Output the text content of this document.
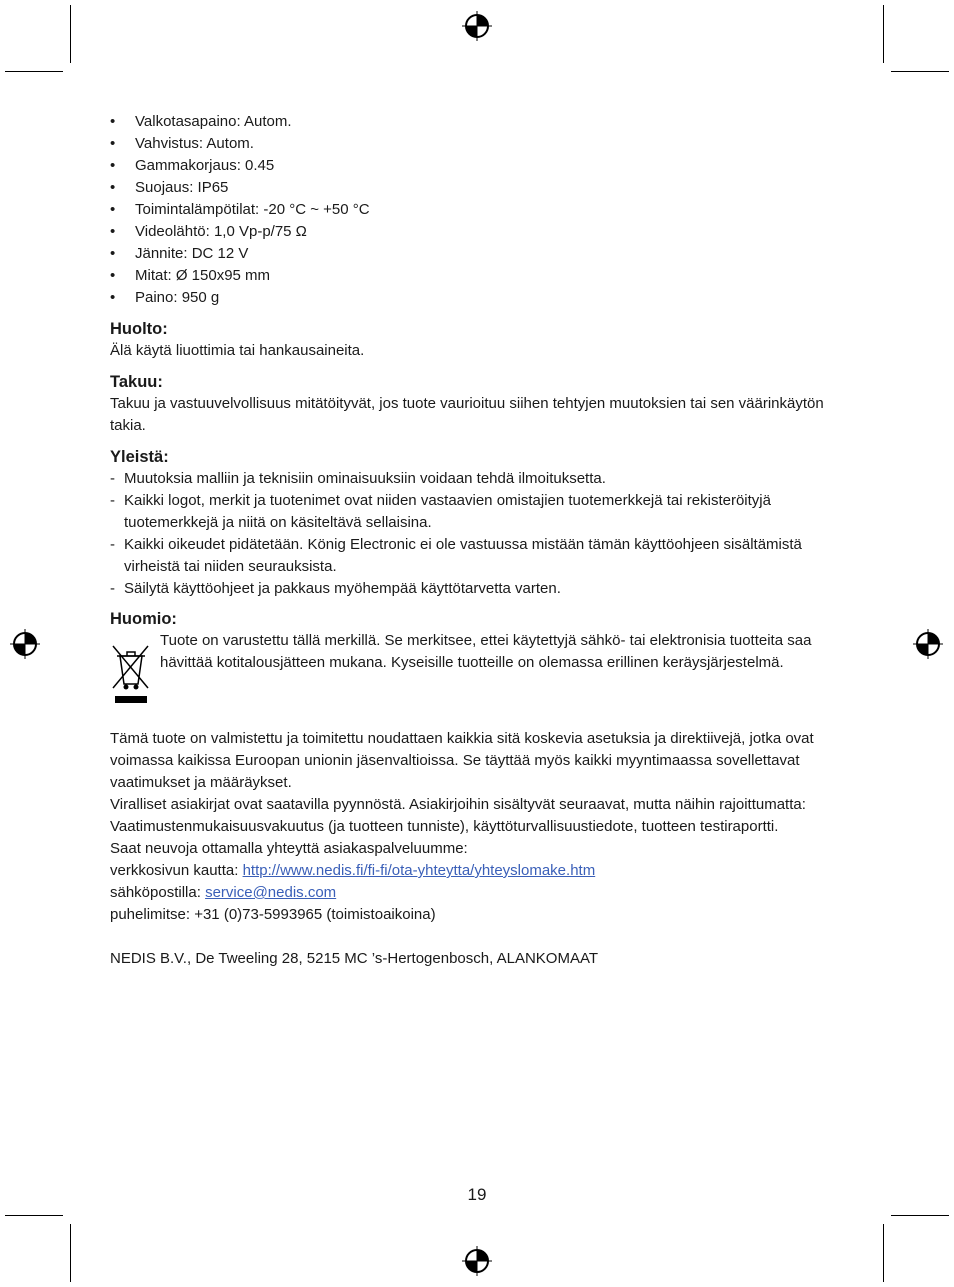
• Valkotasapaino: Autom.
• Vahvistus: Autom.
• Gammakorjaus: 0.45
• Suojaus: IP65
• Toimintalämpötilat: -20 °C ~ +50 °C
• Videolähtö: 1,0 Vp-p/75 Ω
• Jännite: DC 12 V
• Mitat: Ø 150x95 mm
• Paino: 950 g
Huolto:

Älä käytä liuottimia tai hankausaineita.

Takuu:

Takuu ja vastuuvelvollisuus mitätöityvät, jos tuote vaurioituu siihen tehtyjen muutoksien tai sen väärinkäytön takia.

Yleistä:
- Muutoksia malliin ja teknisiin ominaisuuksiin voidaan tehdä ilmoituksetta.
- Kaikki logot, merkit ja tuotenimet ovat niiden vastaavien omistajien tuotemerkkejä tai rekisteröityjä tuotemerkkejä ja niitä on käsiteltävä sellaisina.
- Kaikki oikeudet pidätetään. König Electronic ei ole vastuussa mistään tämän käyttöohjeen sisältämistä virheistä tai niiden seurauksista.
- Säilytä käyttöohjeet ja pakkaus myöhempää käyttötarvetta varten.
Huomio:

Tuote on varustettu tällä merkillä. Se merkitsee, ettei käytettyjä sähkö- tai elektronisia tuotteita saa hävittää kotitalousjätteen mukana. Kyseisille tuotteille on olemassa erillinen keräysjärjestelmä.

Tämä tuote on valmistettu ja toimitettu noudattaen kaikkia sitä koskevia asetuksia ja direktiivejä, jotka ovat voimassa kaikissa Euroopan unionin jäsenvaltioissa. Se täyttää myös kaikki myyntimaassa sovellettavat vaatimukset ja määräykset.

Viralliset asiakirjat ovat saatavilla pyynnöstä. Asiakirjoihin sisältyvät seuraavat, mutta näihin rajoittumatta: Vaatimustenmukaisuusvakuutus (ja tuotteen tunniste), käyttöturvallisuustiedote, tuotteen testiraportti.

Saat neuvoja ottamalla yhteyttä asiakaspalveluumme:

verkkosivun kautta: http://www.nedis.fi/fi-fi/ota-yhteytta/yhteyslomake.htm

sähköpostilla: service@nedis.com

puhelimitse: +31 (0)73-5993965 (toimistoaikoina)

NEDIS B.V., De Tweeling 28, 5215 MC ’s-Hertogenbosch, ALANKOMAAT

19
